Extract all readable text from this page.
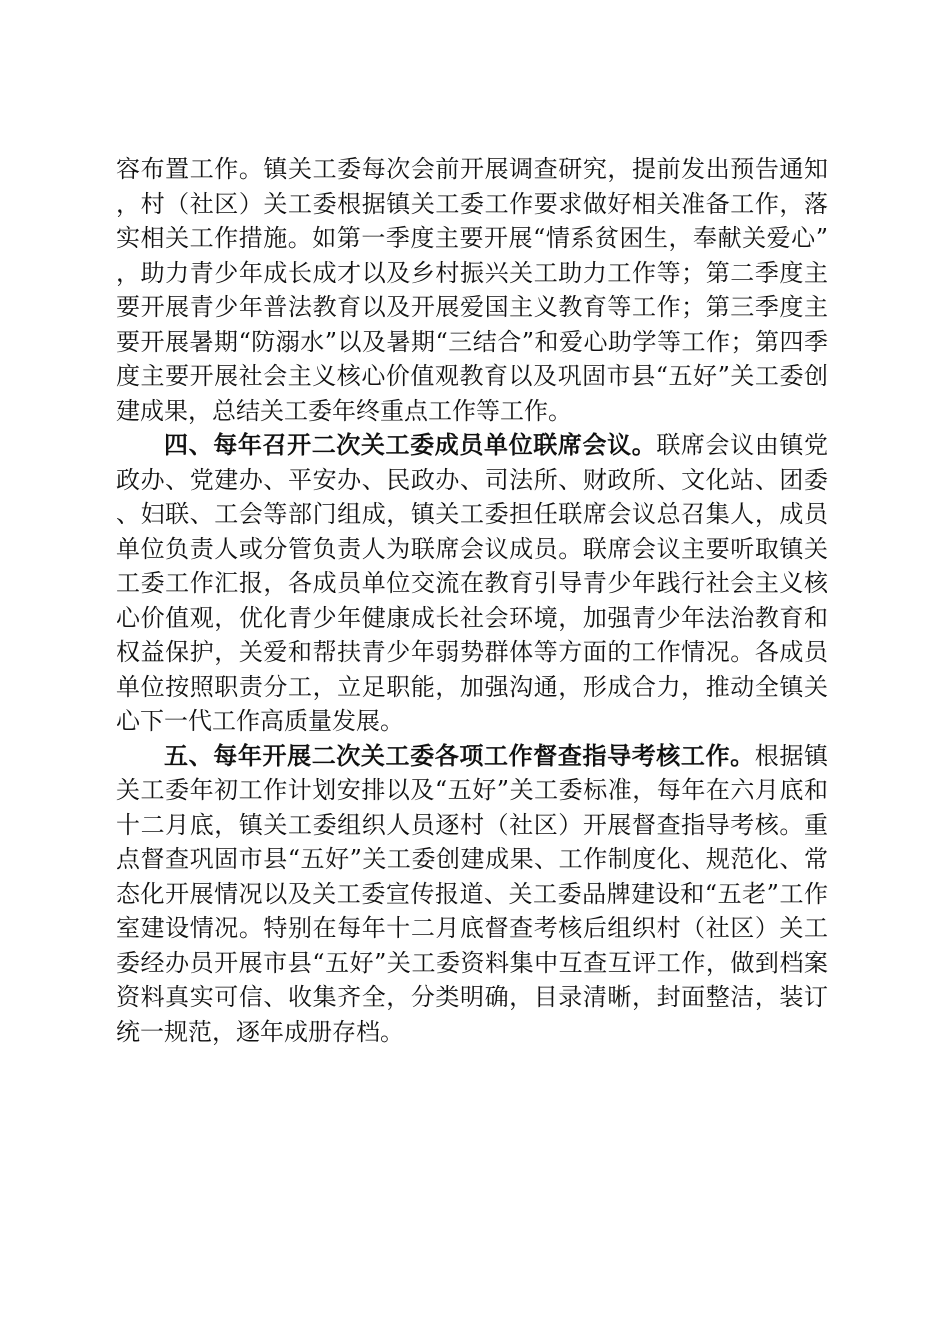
容布置工作。镇关工委每次会前开展调查研究，提前发出预告通知，村（社区）关工委根据镇关工委工作要求做好相关准备工作，落实相关工作措施。如第一季度主要开展“情系贫困生，奉献关爱心”，助力青少年成长成才以及乡村振兴关工助力工作等；第二季度主要开展青少年普法教育以及开展爱国主义教育等工作；第三季度主要开展暑期“防溺水”以及暑期“三结合”和爱心助学等工作；第四季度主要开展社会主义核心价值观教育以及巩固市县“五好”关工委创建成果，总结关工委年终重点工作等工作。

四、每年召开二次关工委成员单位联席会议。联席会议由镇党政办、党建办、平安办、民政办、司法所、财政所、文化站、团委、妇联、工会等部门组成，镇关工委担任联席会议总召集人，成员单位负责人或分管负责人为联席会议成员。联席会议主要听取镇关工委工作汇报，各成员单位交流在教育引导青少年践行社会主义核心价值观，优化青少年健康成长社会环境，加强青少年法治教育和权益保护，关爱和帮扶青少年弱势群体等方面的工作情况。各成员单位按照职责分工，立足职能，加强沟通，形成合力，推动全镇关心下一代工作高质量发展。

五、每年开展二次关工委各项工作督查指导考核工作。根据镇关工委年初工作计划安排以及“五好”关工委标准，每年在六月底和十二月底，镇关工委组织人员逐村（社区）开展督查指导考核。重点督查巩固市县“五好”关工委创建成果、工作制度化、规范化、常态化开展情况以及关工委宣传报道、关工委品牌建设和“五老”工作室建设情况。特别在每年十二月底督查考核后组织村（社区）关工委经办员开展市县“五好”关工委资料集中互查互评工作，做到档案资料真实可信、收集齐全，分类明确，目录清晰，封面整洁，装订统一规范，逐年成册存档。
